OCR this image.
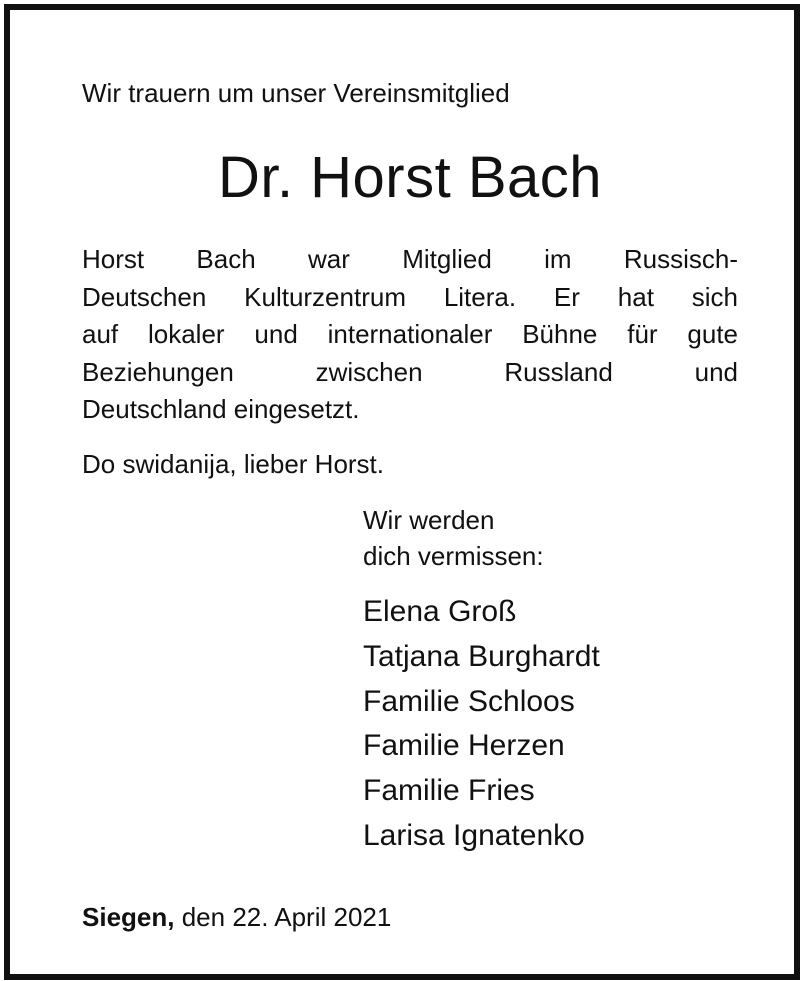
Wir trauern um unser Vereinsmitglied
Dr. Horst Bach

Horst Bach war Mitglied im Russisch-
Deutschen Kulturzentrum Litera. Er hat sich
auf lokaler und internationaler Bühne für gute
Beziehungen zwischen Russland und
Deutschland eingesetzt.

Do swidanija, lieber Horst.

Wir werden
dich vermissen:

Elena Groß
Tatjana Burghardt
Familie Schloos
Familie Herzen
Familie Fries
Larisa Ignatenko
Siegen, den 22. April 2021
